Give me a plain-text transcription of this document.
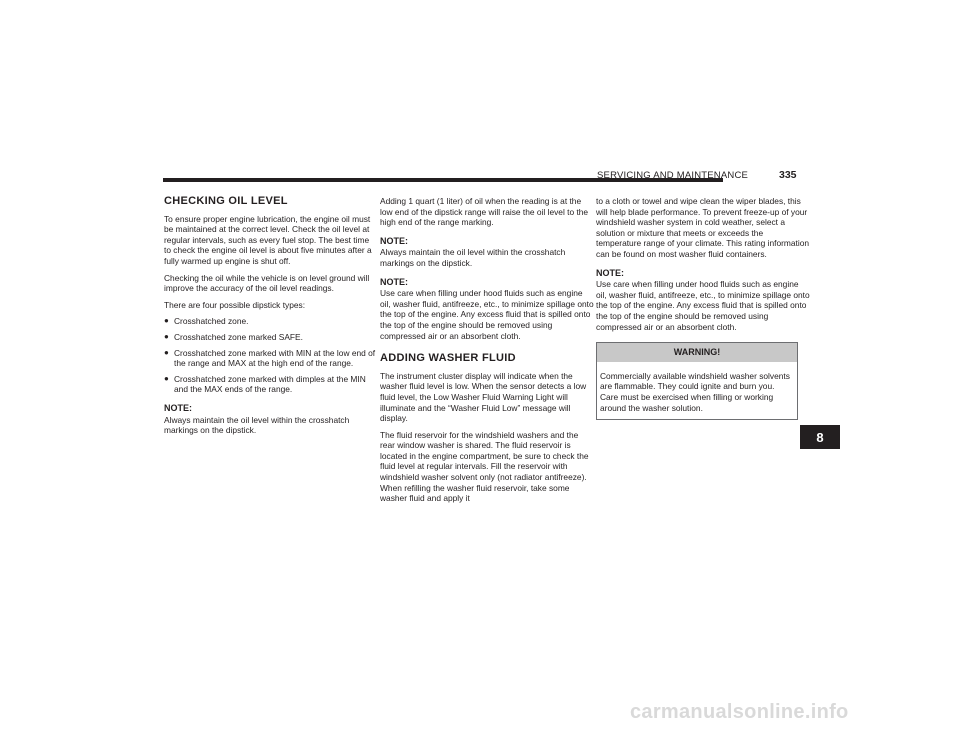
SERVICING AND MAINTENANCE	335
CHECKING OIL LEVEL

To ensure proper engine lubrication, the engine oil must be maintained at the correct level. Check the oil level at regular intervals, such as every fuel stop. The best time to check the engine oil level is about five minutes after a fully warmed up engine is shut off.

Checking the oil while the vehicle is on level ground will improve the accuracy of the oil level readings.

There are four possible dipstick types:

● Crosshatched zone.
● Crosshatched zone marked SAFE.
● Crosshatched zone marked with MIN at the low end of the range and MAX at the high end of the range.
● Crosshatched zone marked with dimples at the MIN and the MAX ends of the range.
NOTE:

Always maintain the oil level within the crosshatch markings on the dipstick.

Adding 1 quart (1 liter) of oil when the reading is at the low end of the dipstick range will raise the oil level to the high end of the range marking.

NOTE:

Always maintain the oil level within the crosshatch markings on the dipstick.

NOTE:

Use care when filling under hood fluids such as engine oil, washer fluid, antifreeze, etc., to minimize spillage onto the top of the engine. Any excess fluid that is spilled onto the top of the engine should be removed using compressed air or an absorbent cloth.

ADDING WASHER FLUID

The instrument cluster display will indicate when the washer fluid level is low. When the sensor detects a low fluid level, the Low Washer Fluid Warning Light will illuminate and the “Washer Fluid Low” message will display.

The fluid reservoir for the windshield washers and the rear window washer is shared. The fluid reservoir is located in the engine compartment, be sure to check the fluid level at regular intervals. Fill the reservoir with windshield washer solvent only (not radiator antifreeze). When refilling the washer fluid reservoir, take some washer fluid and apply it

to a cloth or towel and wipe clean the wiper blades, this will help blade performance. To prevent freeze-up of your windshield washer system in cold weather, select a solution or mixture that meets or exceeds the temperature range of your climate. This rating information can be found on most washer fluid containers.

NOTE:

Use care when filling under hood fluids such as engine oil, washer fluid, antifreeze, etc., to minimize spillage onto the top of the engine. Any excess fluid that is spilled onto the top of the engine should be removed using compressed air or an absorbent cloth.

WARNING!
Commercially available windshield washer solvents are flammable. They could ignite and burn you. Care must be exercised when filling or working around the washer solution.
8
carmanualsonline.info
